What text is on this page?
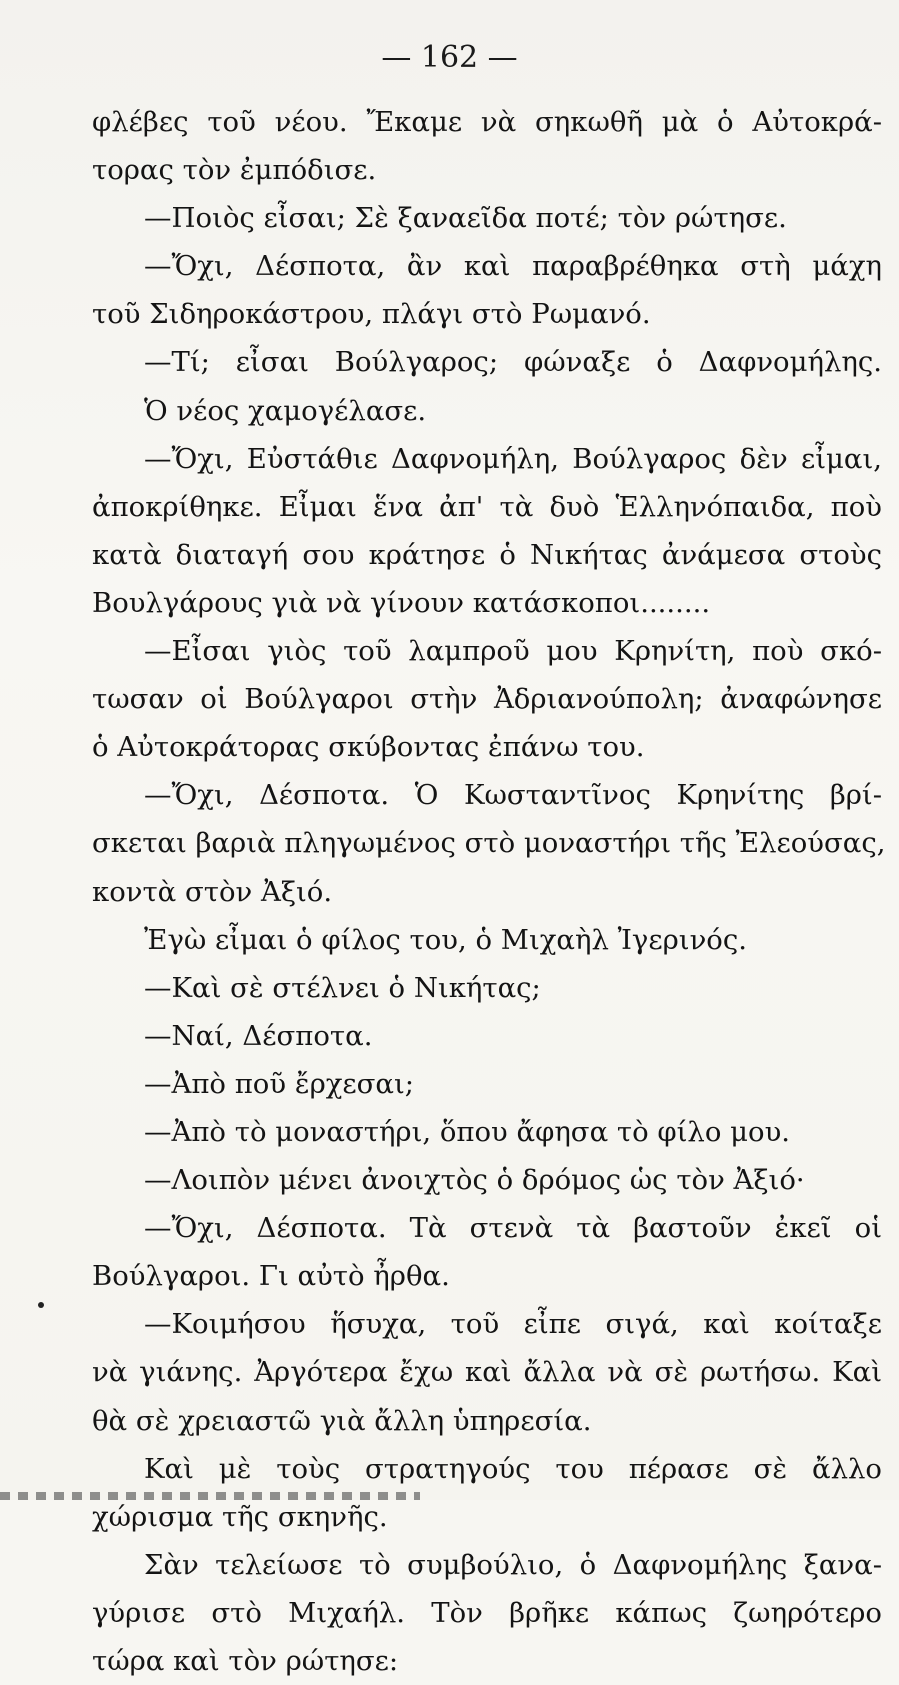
— 162 —
φλέβες τοῦ νέου. Ἔκαμε νὰ σηκωθῆ μὰ ὁ Αὐτοκρά-
τορας τὸν ἐμπόδισε.
—Ποιὸς εἶσαι; Σὲ ξαναεῖδα ποτέ; τὸν ρώτησε.
—Ὄχι, Δέσποτα, ἂν καὶ παραβρέθηκα στὴ μάχη
τοῦ Σιδηροκάστρου, πλάγι στὸ Ρωμανό.
—Τί; εἶσαι Βούλγαρος; φώναξε ὁ Δαφνομήλης.
Ὁ νέος χαμογέλασε.
—Ὄχι, Εὐστάθιε Δαφνομήλη, Βούλγαρος δὲν εἶμαι,
ἀποκρίθηκε. Εἶμαι ἕνα ἀπ' τὰ δυὸ Ἑλληνόπαιδα, ποὺ
κατὰ διαταγή σου κράτησε ὁ Νικήτας ἀνάμεσα στοὺς
Βουλγάρους γιὰ νὰ γίνουν κατάσκοποι........
—Εἶσαι γιὸς τοῦ λαμπροῦ μου Κρηνίτη, ποὺ σκό-
τωσαν οἱ Βούλγαροι στὴν Ἀδριανούπολη; ἀναφώνησε
ὁ Αὐτοκράτορας σκύβοντας ἐπάνω του.
—Ὄχι, Δέσποτα. Ὁ Κωσταντῖνος Κρηνίτης βρί-
σκεται βαριὰ πληγωμένος στὸ μοναστήρι τῆς Ἐλεούσας,
κοντὰ στὸν Ἀξιό.
Ἐγὼ εἶμαι ὁ φίλος του, ὁ Μιχαὴλ Ἰγερινός.
—Καὶ σὲ στέλνει ὁ Νικήτας;
—Ναί, Δέσποτα.
—Ἀπὸ ποῦ ἔρχεσαι;
—Ἀπὸ τὸ μοναστήρι, ὅπου ἄφησα τὸ φίλο μου.
—Λοιπὸν μένει ἀνοιχτὸς ὁ δρόμος ὡς τὸν Ἀξιό·
—Ὄχι, Δέσποτα. Τὰ στενὰ τὰ βαστοῦν ἐκεῖ οἱ
Βούλγαροι. Γι αὐτὸ ἦρθα.
—Κοιμήσου ἥσυχα, τοῦ εἶπε σιγά, καὶ κοίταξε
νὰ γιάνης. Ἀργότερα ἔχω καὶ ἄλλα νὰ σὲ ρωτήσω. Καὶ
θὰ σὲ χρειαστῶ γιὰ ἄλλη ὑπηρεσία.
Καὶ μὲ τοὺς στρατηγούς του πέρασε σὲ ἄλλο
χώρισμα τῆς σκηνῆς.
Σὰν τελείωσε τὸ συμβούλιο, ὁ Δαφνομήλης ξανα-
γύρισε στὸ Μιχαήλ. Τὸν βρῆκε κάπως ζωηρότερο
τώρα καὶ τὸν ρώτησε:
